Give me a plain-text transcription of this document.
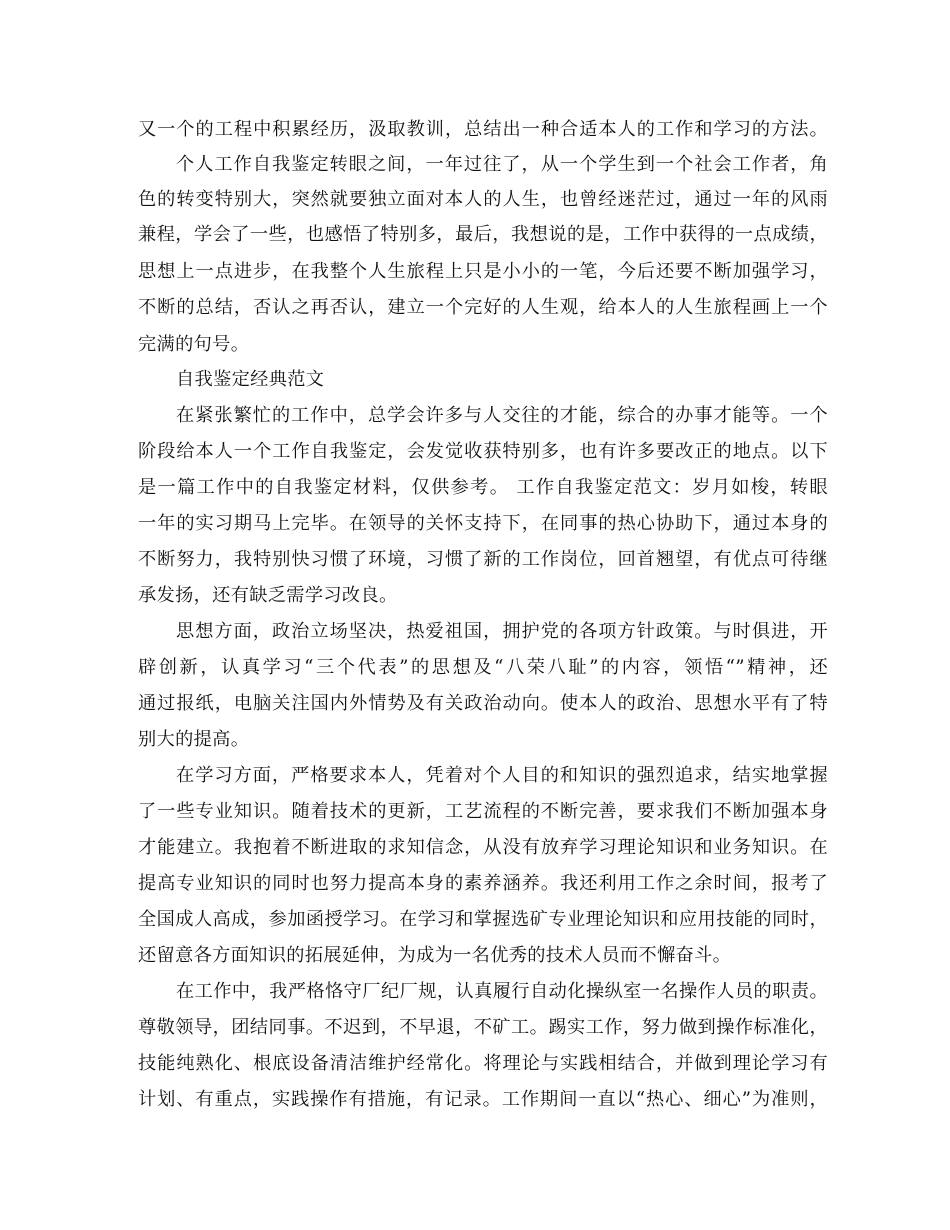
又一个的工程中积累经历，汲取教训，总结出一种合适本人的工作和学习的方法。
个人工作自我鉴定转眼之间，一年过往了，从一个学生到一个社会工作者，角
色的转变特别大，突然就要独立面对本人的人生，也曾经迷茫过，通过一年的风雨
兼程，学会了一些，也感悟了特别多，最后，我想说的是，工作中获得的一点成绩，
思想上一点进步，在我整个人生旅程上只是小小的一笔，今后还要不断加强学习，
不断的总结，否认之再否认，建立一个完好的人生观，给本人的人生旅程画上一个
完满的句号。
自我鉴定经典范文
在紧张繁忙的工作中，总学会许多与人交往的才能，综合的办事才能等。一个
阶段给本人一个工作自我鉴定，会发觉收获特别多，也有许多要改正的地点。以下
是一篇工作中的自我鉴定材料，仅供参考。 工作自我鉴定范文：岁月如梭，转眼
一年的实习期马上完毕。在领导的关怀支持下，在同事的热心协助下，通过本身的
不断努力，我特别快习惯了环境，习惯了新的工作岗位，回首翘望，有优点可待继
承发扬，还有缺乏需学习改良。
思想方面，政治立场坚决，热爱祖国，拥护党的各项方针政策。与时俱进，开
辟创新，认真学习“三个代表”的思想及“八荣八耻”的内容，领悟“”精神，还
通过报纸，电脑关注国内外情势及有关政治动向。使本人的政治、思想水平有了特
别大的提高。
在学习方面，严格要求本人，凭着对个人目的和知识的强烈追求，结实地掌握
了一些专业知识。随着技术的更新，工艺流程的不断完善，要求我们不断加强本身
才能建立。我抱着不断进取的求知信念，从没有放弃学习理论知识和业务知识。在
提高专业知识的同时也努力提高本身的素养涵养。我还利用工作之余时间，报考了
全国成人高成，参加函授学习。在学习和掌握选矿专业理论知识和应用技能的同时，
还留意各方面知识的拓展延伸，为成为一名优秀的技术人员而不懈奋斗。
在工作中，我严格恪守厂纪厂规，认真履行自动化操纵室一名操作人员的职责。
尊敬领导，团结同事。不迟到，不早退，不矿工。踢实工作，努力做到操作标准化，
技能纯熟化、根底设备清洁维护经常化。将理论与实践相结合，并做到理论学习有
计划、有重点，实践操作有措施，有记录。工作期间一直以“热心、细心”为准则，
